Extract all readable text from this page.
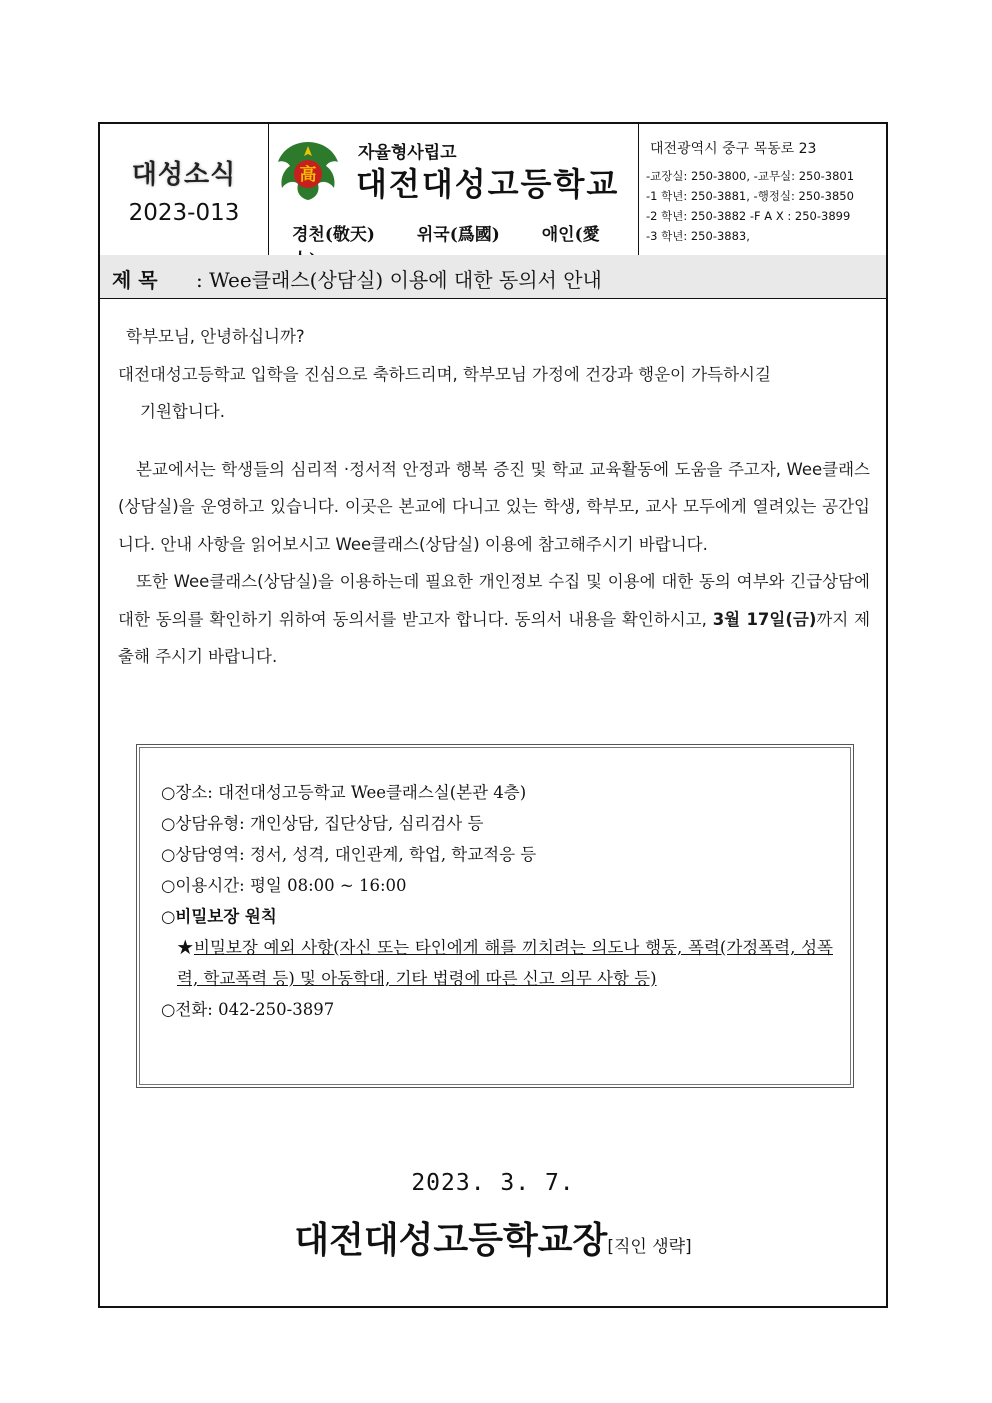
대성소식
2023-013
高
자율형사립고
대전대성고등학교
경천(敬天) 위국(爲國) 애인(愛
대전광역시 중구 목동로 23
-교장실: 250-3800, -교무실: 250-3801
-1 학년: 250-3881, -행정실: 250-3850
-2 학년: 250-3882 -F A X : 250-3899
-3 학년: 250-3883,
제 목 : Wee클래스(상담실) 이용에 대한 동의서 안내

학부모님, 안녕하십니까?

대전대성고등학교 입학을 진심으로 축하드리며, 학부모님 가정에 건강과 행운이 가득하시길

기원합니다.

본교에서는 학생들의 심리적 ·정서적 안정과 행복 증진 및 학교 교육활동에 도움을 주고자, Wee클래스(상담실)을 운영하고 있습니다. 이곳은 본교에 다니고 있는 학생, 학부모, 교사 모두에게 열려있는 공간입니다. 안내 사항을 읽어보시고 Wee클래스(상담실) 이용에 참고해주시기 바랍니다.

또한 Wee클래스(상담실)을 이용하는데 필요한 개인정보 수집 및 이용에 대한 동의 여부와 긴급상담에 대한 동의를 확인하기 위하여 동의서를 받고자 합니다. 동의서 내용을 확인하시고, 3월 17일(금)까지 제출해 주시기 바랍니다.

○장소: 대전대성고등학교 Wee클래스실(본관 4층)
○상담유형: 개인상담, 집단상담, 심리검사 등
○상담영역: 정서, 성격, 대인관계, 학업, 학교적응 등
○이용시간: 평일 08:00 ~ 16:00
○비밀보장 원칙
★비밀보장 예외 사항(자신 또는 타인에게 해를 끼치려는 의도나 행동, 폭력(가정폭력, 성폭력, 학교폭력 등) 및 아동학대, 기타 법령에 따른 신고 의무 사항 등)
○전화: 042-250-3897
2023. 3. 7.
대전대성고등학교장[직인 생략]
